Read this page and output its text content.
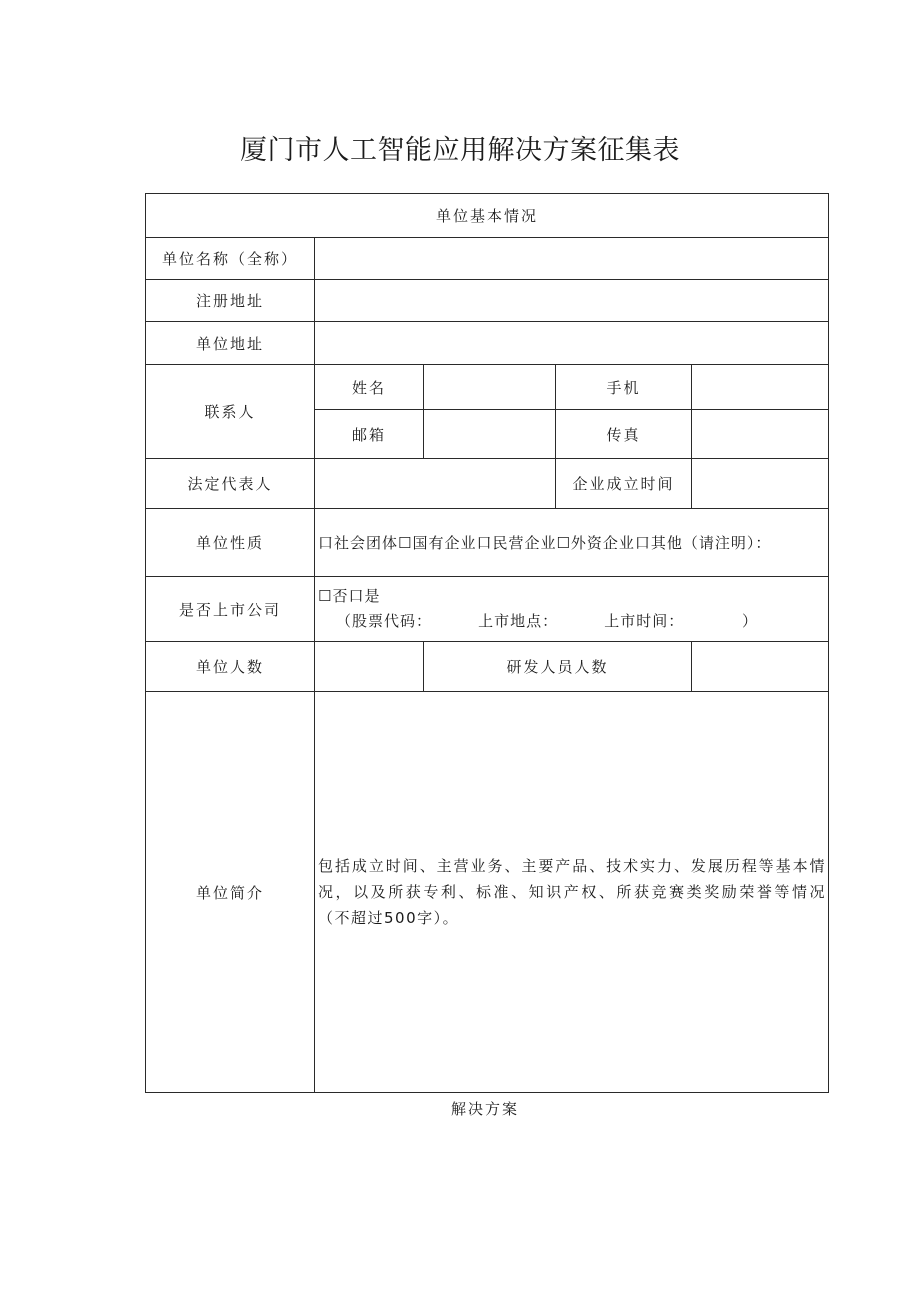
厦门市人工智能应用解决方案征集表
单位基本情况				
单位名称（全称）				
注册地址				
单位地址				
联系人	姓名		手机	
	邮箱		传真	
法定代表人			企业成立时间	
单位性质	口社会团体☐国有企业口民营企业☐外资企业口其他（请注明）：			
是否上市公司	☐否口是
（股票代码：        上市地点：        上市时间：          ）			

单位人数		研发人员人数		
单位简介	包括成立时间、主营业务、主要产品、技术实力、发展历程等基本情况，以及所获专利、标准、知识产权、所获竞赛类奖励荣誉等情况（不超过500字）。			
解决方案
